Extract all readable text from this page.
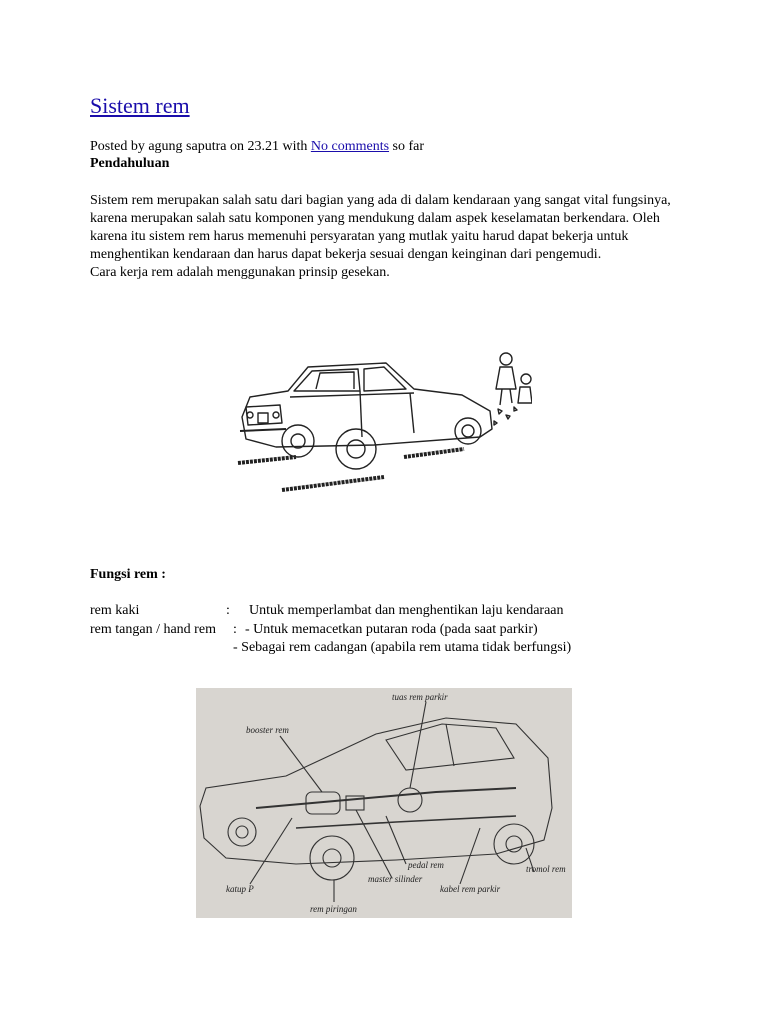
Sistem rem
Posted by agung saputra on 23.21 with No comments so far
Pendahuluan

Sistem rem merupakan salah satu dari bagian yang ada di dalam kendaraan yang sangat vital fungsinya, karena merupakan salah satu komponen yang mendukung dalam aspek keselamatan berkendara. Oleh karena itu sistem rem harus memenuhi persyaratan yang mutlak yaitu harud dapat bekerja untuk menghentikan kendaraan dan harus dapat bekerja sesuai dengan keinginan dari pengemudi.

Cara kerja rem adalah menggunakan prinsip gesekan.

Fungsi rem :
rem kaki	: Untuk memperlambat dan menghentikan laju kendaraan
rem tangan / hand rem : - Untuk memacetkan putaran roda (pada saat parkir)
- Sebagai rem cadangan (apabila rem utama tidak berfungsi)
tuas rem parkir
booster rem
pedal rem
master silinder
tromol rem
katup P	kabel rem parkir
rem piringan
